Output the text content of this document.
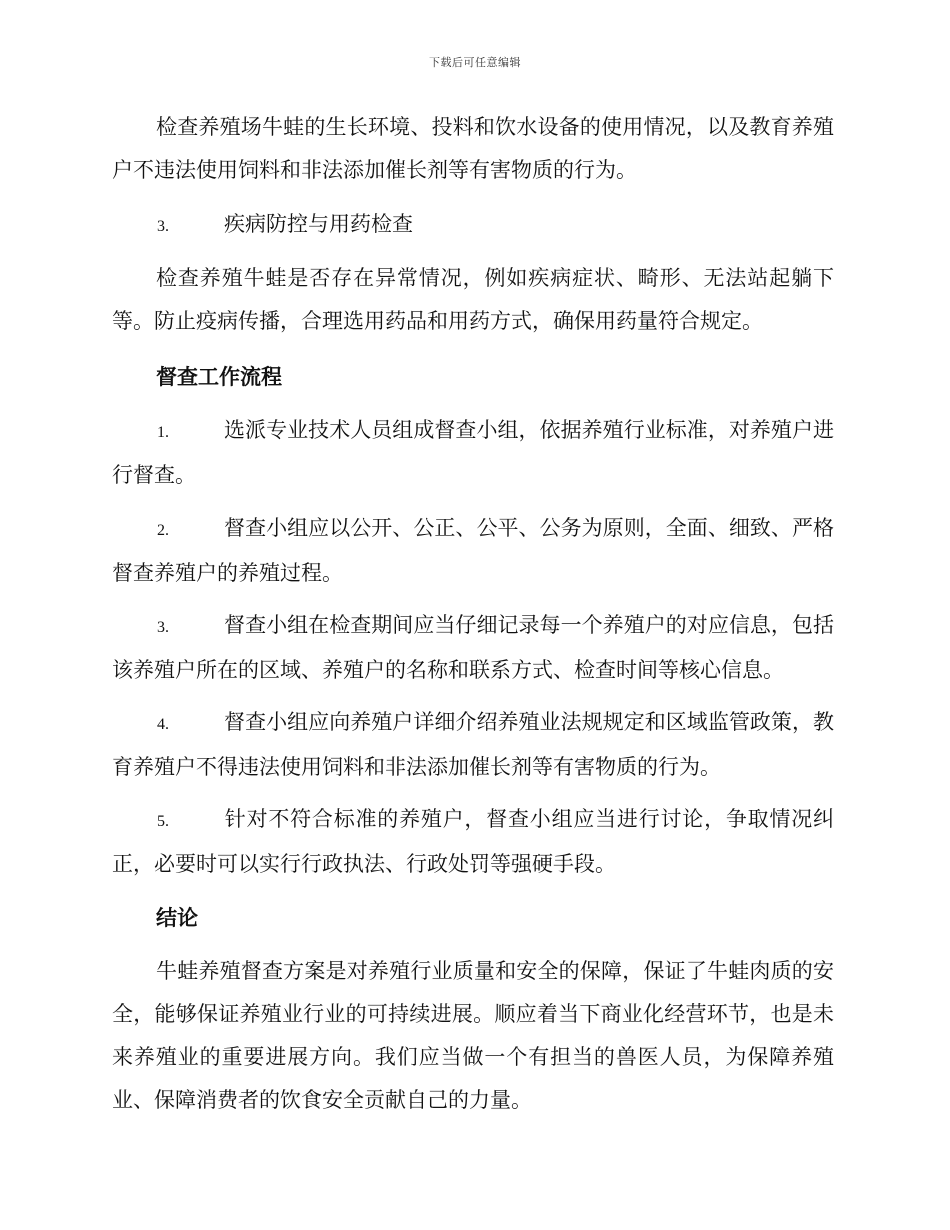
下载后可任意编辑

检查养殖场牛蛙的生长环境、投料和饮水设备的使用情况，以及教育养殖户不违法使用饲料和非法添加催长剂等有害物质的行为。

3.	疾病防控与用药检查

检查养殖牛蛙是否存在异常情况，例如疾病症状、畸形、无法站起躺下等。防止疫病传播，合理选用药品和用药方式，确保用药量符合规定。

督查工作流程

1.	选派专业技术人员组成督查小组，依据养殖行业标准，对养殖户进行督查。

2.	督查小组应以公开、公正、公平、公务为原则，全面、细致、严格督查养殖户的养殖过程。

3.	督查小组在检查期间应当仔细记录每一个养殖户的对应信息，包括该养殖户所在的区域、养殖户的名称和联系方式、检查时间等核心信息。

4.	督查小组应向养殖户详细介绍养殖业法规规定和区域监管政策，教育养殖户不得违法使用饲料和非法添加催长剂等有害物质的行为。

5.	针对不符合标准的养殖户，督查小组应当进行讨论，争取情况纠正，必要时可以实行行政执法、行政处罚等强硬手段。

结论

牛蛙养殖督查方案是对养殖行业质量和安全的保障，保证了牛蛙肉质的安全，能够保证养殖业行业的可持续进展。顺应着当下商业化经营环节，也是未来养殖业的重要进展方向。我们应当做一个有担当的兽医人员，为保障养殖业、保障消费者的饮食安全贡献自己的力量。
